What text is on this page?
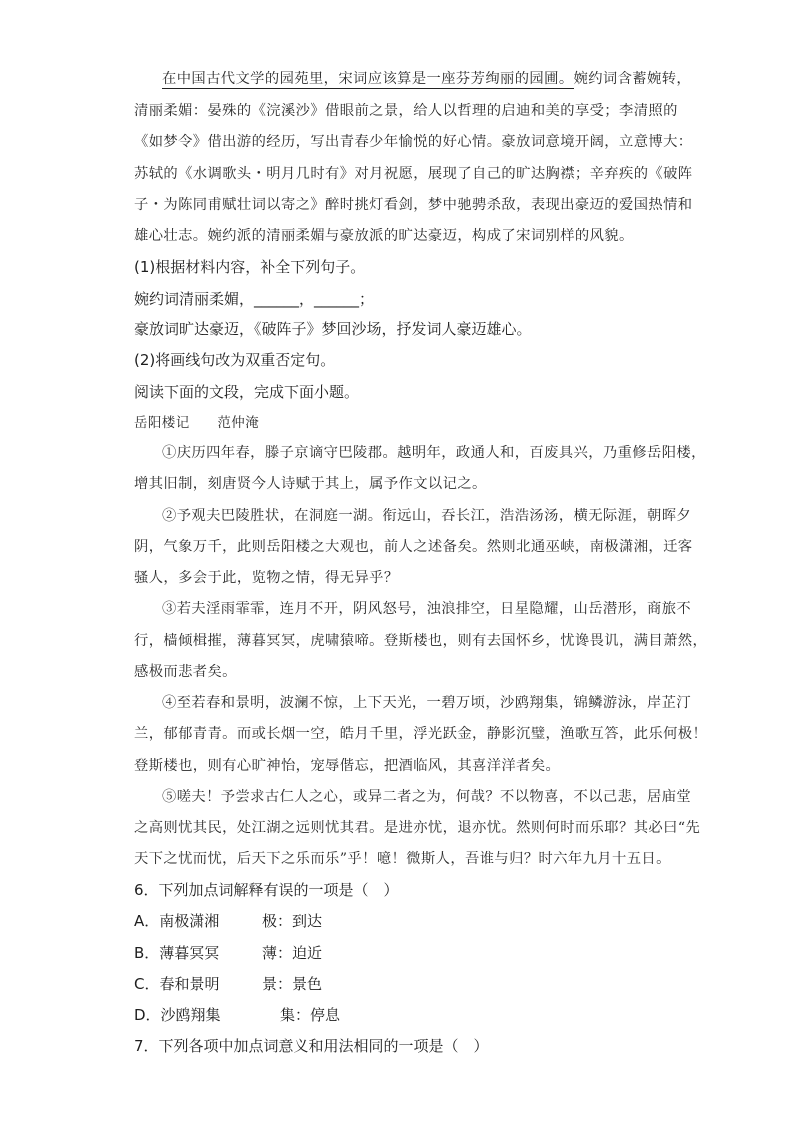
在中国古代文学的园苑里，宋词应该算是一座芬芳绚丽的园圃。婉约词含蓄婉转，
清丽柔媚：晏殊的《浣溪沙》借眼前之景，给人以哲理的启迪和美的享受；李清照的
《如梦令》借出游的经历，写出青春少年愉悦的好心情。豪放词意境开阔，立意博大：
苏轼的《水调歌头・明月几时有》对月祝愿，展现了自己的旷达胸襟；辛弃疾的《破阵
子・为陈同甫赋壮词以寄之》醉时挑灯看剑，梦中驰骋杀敌，表现出豪迈的爱国热情和
雄心壮志。婉约派的清丽柔媚与豪放派的旷达豪迈，构成了宋词别样的风貌。
(1)根据材料内容，补全下列句子。
婉约词清丽柔媚，______，______；
豪放词旷达豪迈，《破阵子》梦回沙场，抒发词人豪迈雄心。
(2)将画线句改为双重否定句。
阅读下面的文段，完成下面小题。
岳阳楼记　　范仲淹
①庆历四年春，滕子京谪守巴陵郡。越明年，政通人和，百废具兴，乃重修岳阳楼，
增其旧制，刻唐贤今人诗赋于其上，属予作文以记之。
②予观夫巴陵胜状，在洞庭一湖。衔远山，吞长江，浩浩汤汤，横无际涯，朝晖夕
阴，气象万千，此则岳阳楼之大观也，前人之述备矣。然则北通巫峡，南极潇湘，迁客
骚人，多会于此，览物之情，得无异乎？
③若夫淫雨霏霏，连月不开，阴风怒号，浊浪排空，日星隐耀，山岳潜形，商旅不
行，樯倾楫摧，薄暮冥冥，虎啸猿啼。登斯楼也，则有去国怀乡，忧谗畏讥，满目萧然，
感极而悲者矣。
④至若春和景明，波澜不惊，上下天光，一碧万顷，沙鸥翔集，锦鳞游泳，岸芷汀
兰，郁郁青青。而或长烟一空，皓月千里，浮光跃金，静影沉璧，渔歌互答，此乐何极！
登斯楼也，则有心旷神怡，宠辱偕忘，把酒临风，其喜洋洋者矣。
⑤嗟夫！予尝求古仁人之心，或异二者之为，何哉？不以物喜，不以己悲，居庙堂
之高则忧其民，处江湖之远则忧其君。是进亦忧，退亦忧。然则何时而乐耶？其必曰“先
天下之忧而忧，后天下之乐而乐”乎！噫！微斯人，吾谁与归？时六年九月十五日。
6．下列加点词解释有误的一项是（　）
A．南极潇湘	极：到达
B．薄暮冥冥	薄：迫近
C．春和景明	景：景色
D．沙鸥翔集	集：停息
7．下列各项中加点词意义和用法相同的一项是（　）
